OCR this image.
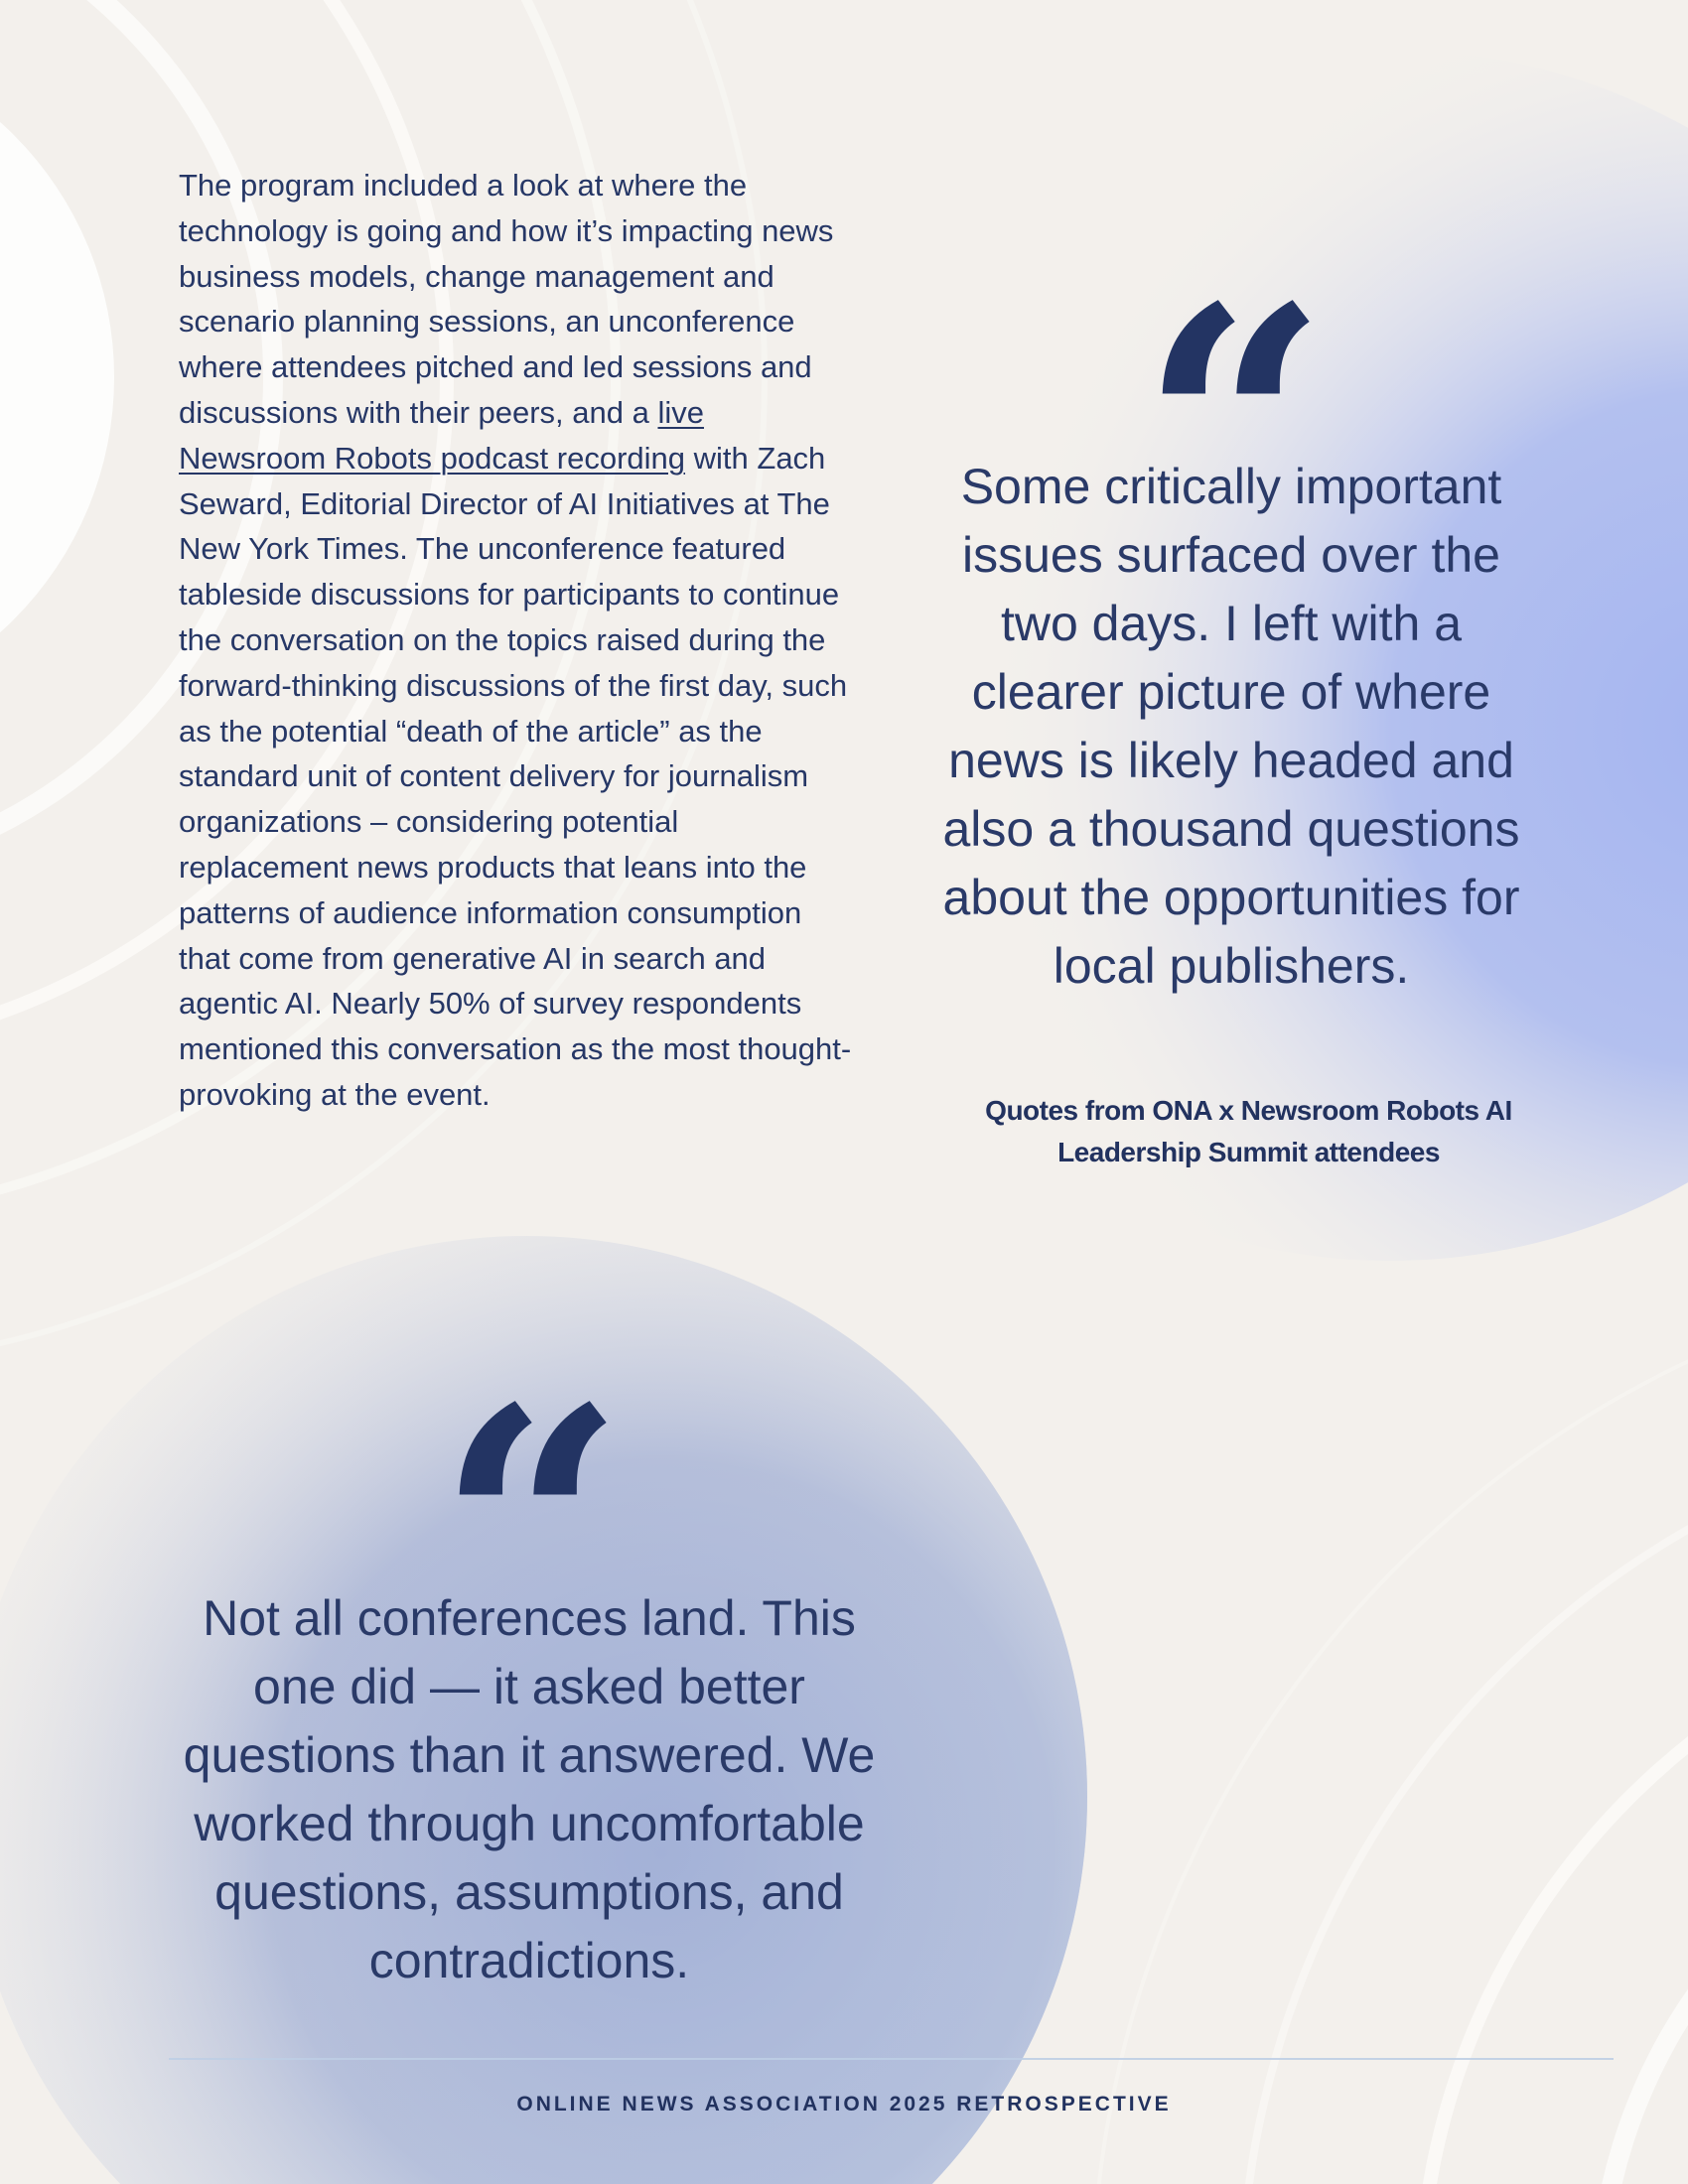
The program included a look at where the technology is going and how it’s impacting news business models, change management and scenario planning sessions, an unconference where attendees pitched and led sessions and discussions with their peers, and a live Newsroom Robots podcast recording with Zach Seward, Editorial Director of AI Initiatives at The New York Times. The unconference featured tableside discussions for participants to continue the conversation on the topics raised during the forward-thinking discussions of the first day, such as the potential “death of the article” as the standard unit of content delivery for journalism organizations – considering potential replacement news products that leans into the patterns of audience information consumption that come from generative AI in search and agentic AI. Nearly 50% of survey respondents mentioned this conversation as the most thought-provoking at the event.

“

Some critically important issues surfaced over the two days. I left with a clearer picture of where news is likely headed and also a thousand questions about the opportunities for local publishers.

Quotes from ONA x Newsroom Robots AI Leadership Summit attendees

“

Not all conferences land. This one did — it asked better questions than it answered. We worked through uncomfortable questions, assumptions, and contradictions.

ONLINE NEWS ASSOCIATION 2025 RETROSPECTIVE
